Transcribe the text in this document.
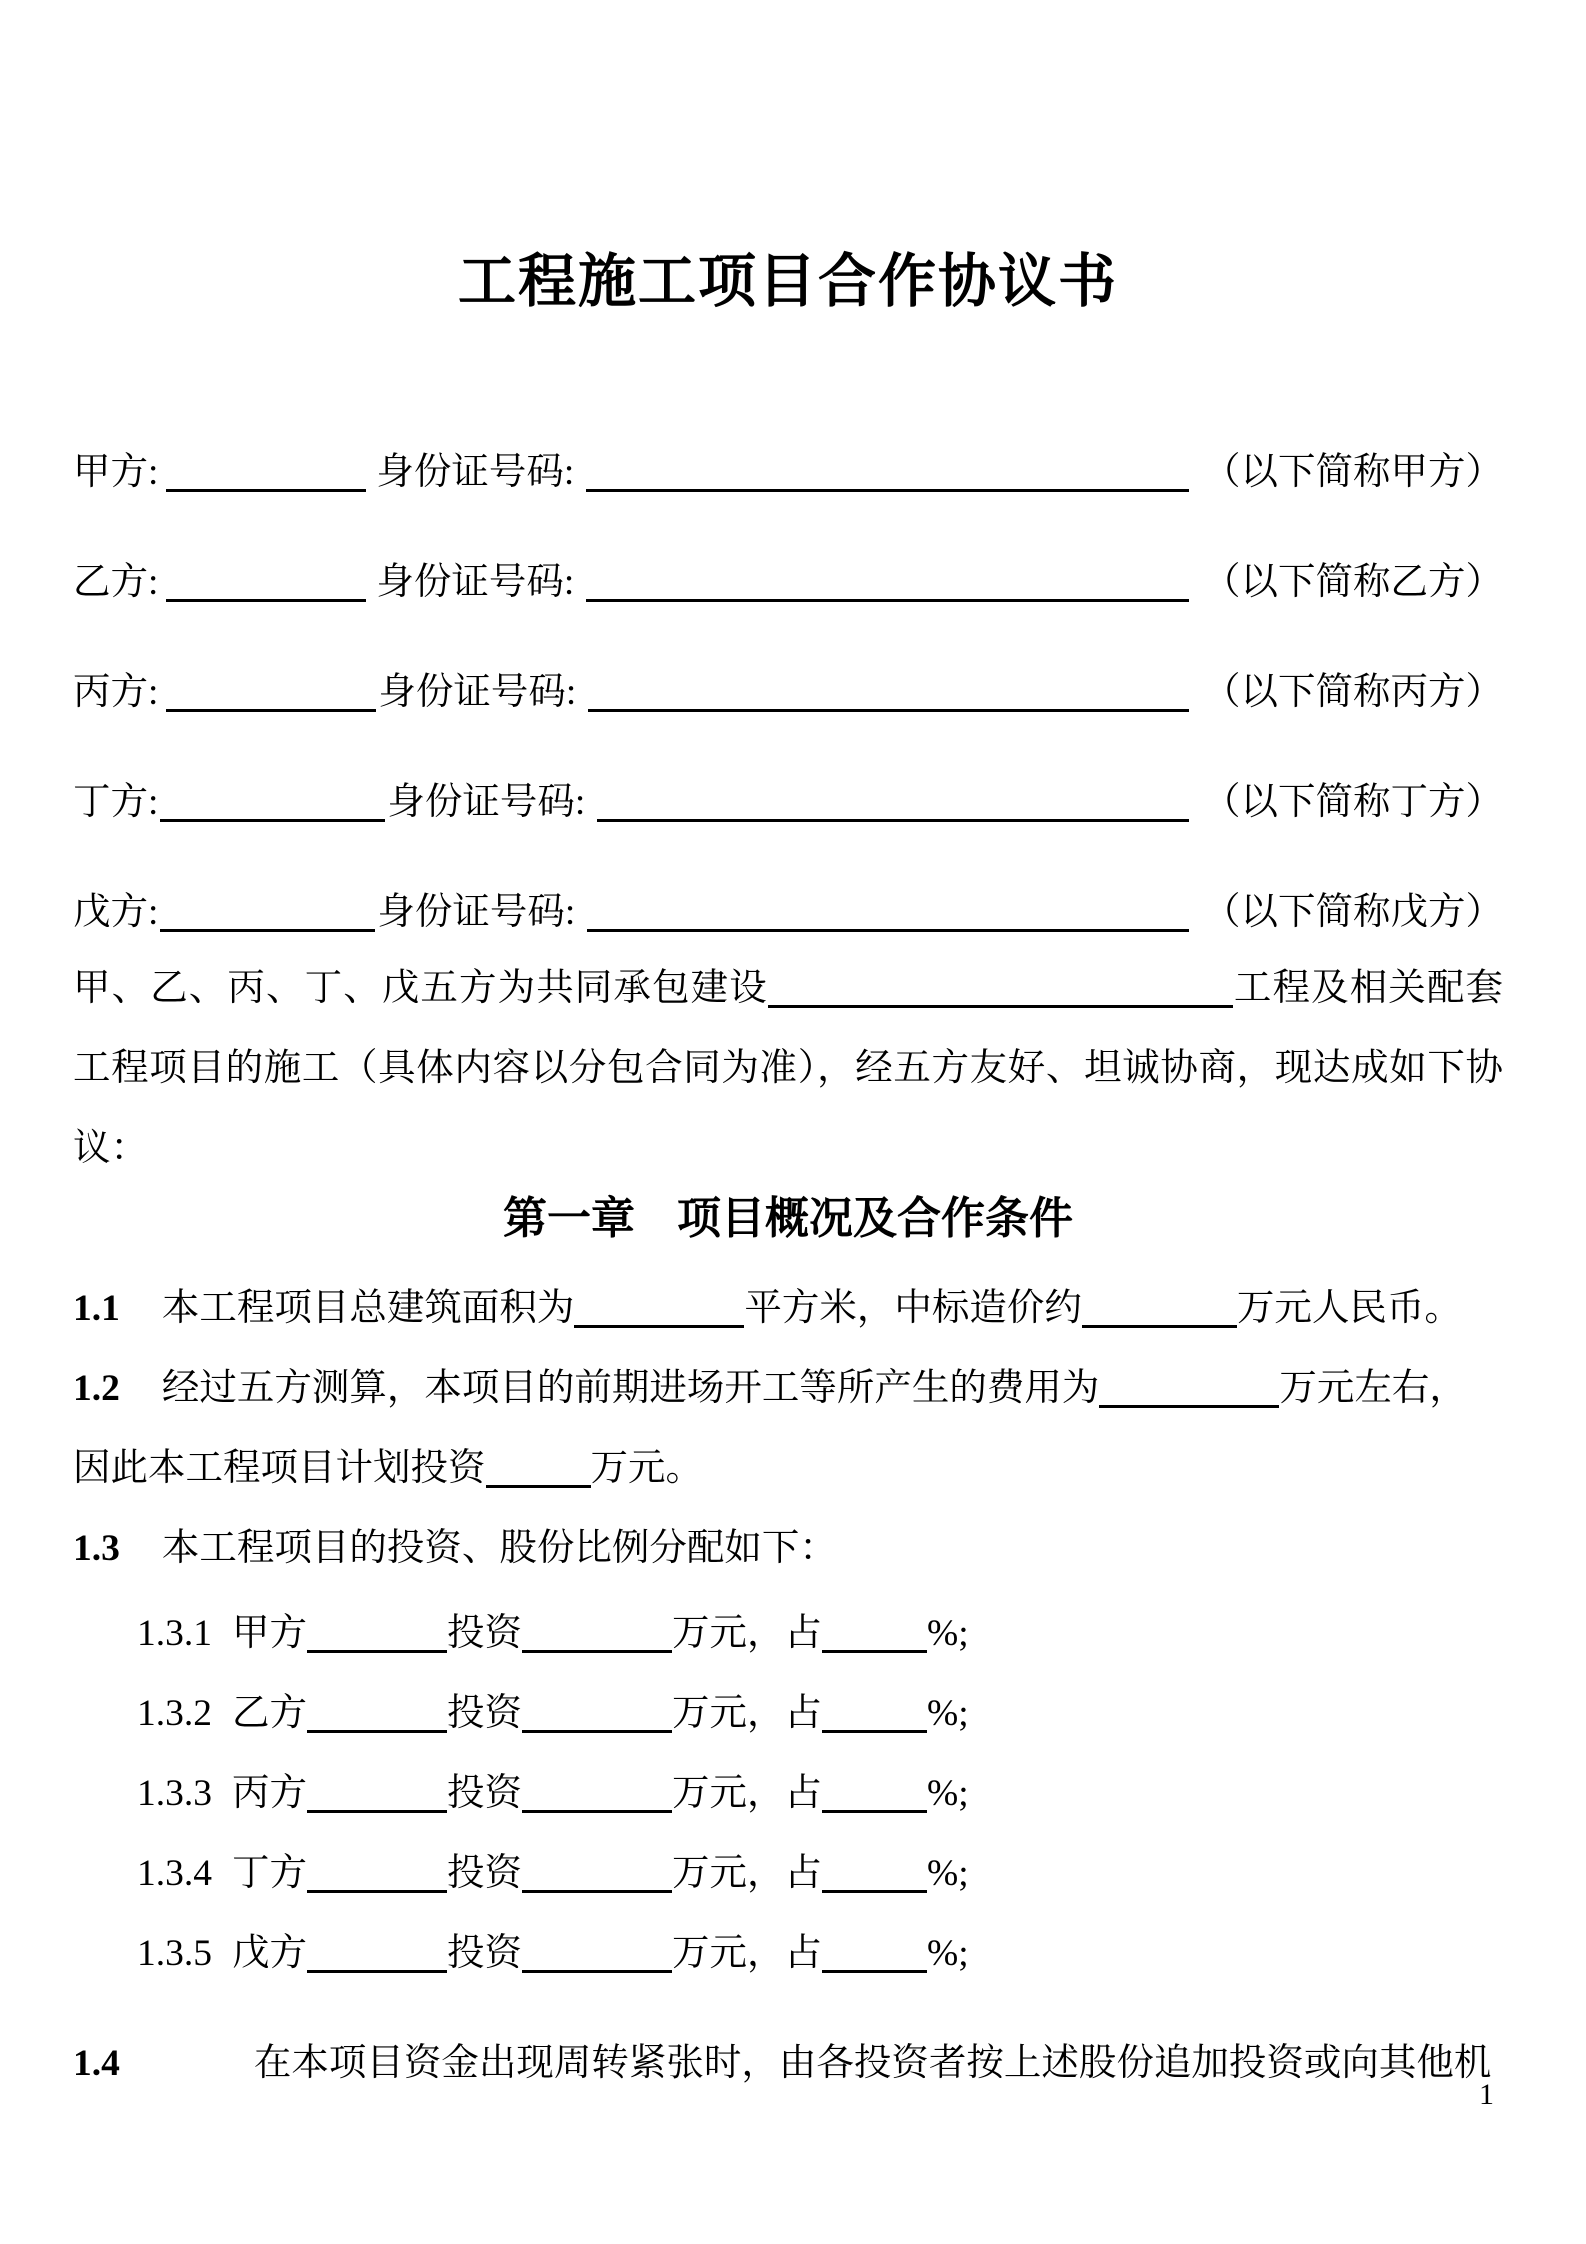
工程施工项目合作协议书
甲方:	身份证号码:	（以下简称甲方）
乙方:	身份证号码:	（以下简称乙方）
丙方:	身份证号码:	（以下简称丙方）
丁方:	身份证号码:	（以下简称丁方）
戊方:	身份证号码:	（以下简称戊方）

甲、乙、丙、丁、戊五方为共同承包建设	工程及相关配套工程项目的施工（具体内容以分包合同为准），经五方友好、坦诚协商，现达成如下协议：

第一章 项目概况及合作条件
1.1 本工程项目总建筑面积为	平方米，中标造价约	万元人民币。
1.2 经过五方测算，本项目的前期进场开工等所产生的费用为	万元左右，
因此本工程项目计划投资	万元。
1.3 本工程项目的投资、股份比例分配如下：
1.3.1 甲方	投资	万元，占	%;
1.3.2 乙方	投资	万元，占	%;
1.3.3 丙方	投资	万元，占	%;
1.3.4 丁方	投资	万元，占	%;
1.3.5 戊方	投资	万元，占	%;
1.4	在本项目资金出现周转紧张时，由各投资者按上述股份追加投资或向其他机
1
